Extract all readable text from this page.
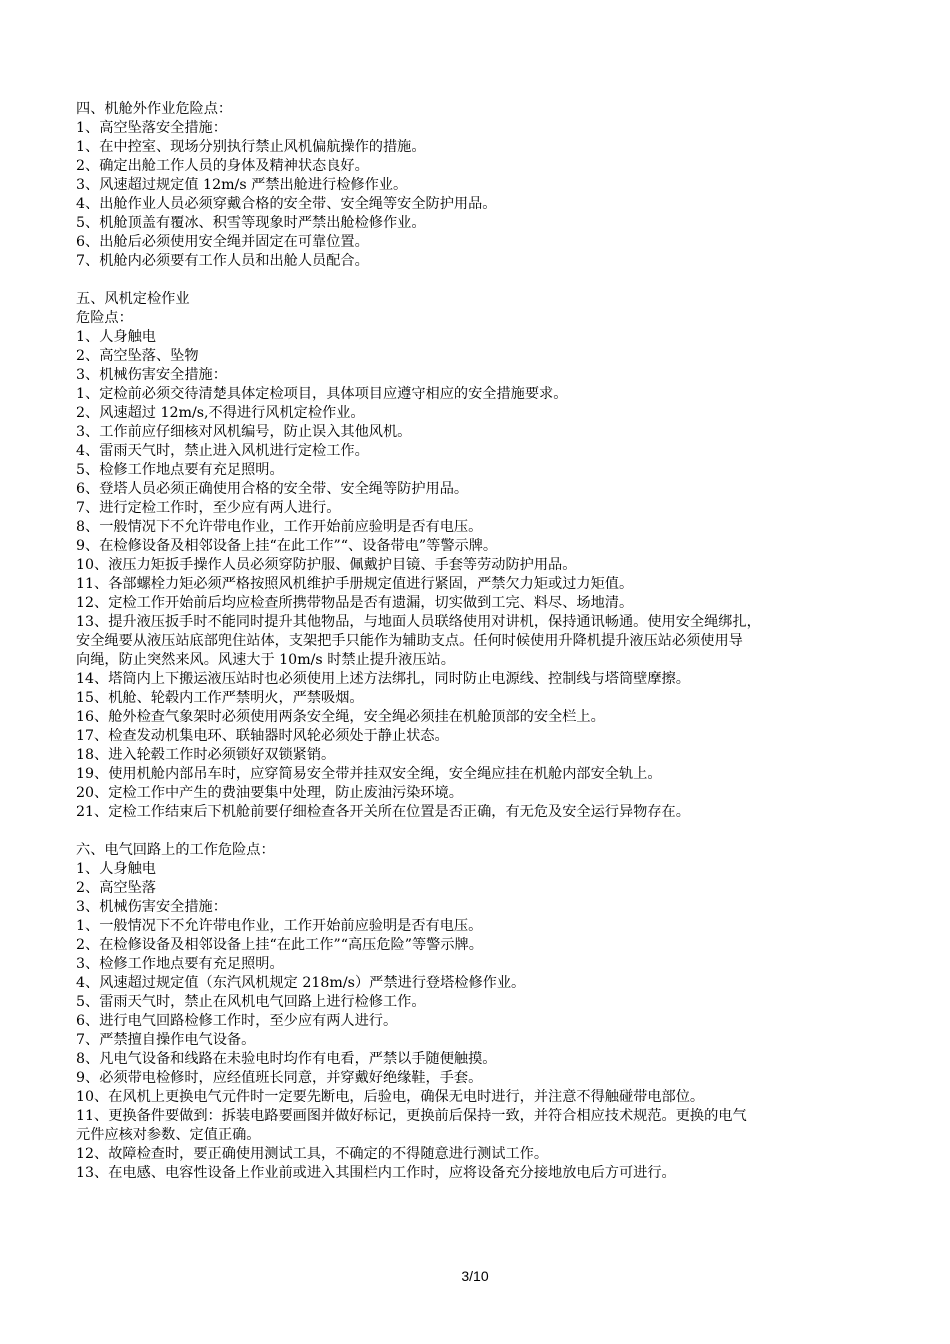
四、机舱外作业危险点：
1、高空坠落安全措施：
1、在中控室、现场分别执行禁止风机偏航操作的措施。
2、确定出舱工作人员的身体及精神状态良好。
3、风速超过规定值 12m/s 严禁出舱进行检修作业。
4、出舱作业人员必须穿戴合格的安全带、安全绳等安全防护用品。
5、机舱顶盖有覆冰、积雪等现象时严禁出舱检修作业。
6、出舱后必须使用安全绳并固定在可靠位置。
7、机舱内必须要有工作人员和出舱人员配合。
五、风机定检作业
危险点：
1、人身触电
2、高空坠落、坠物
3、机械伤害安全措施：
1、定检前必须交待清楚具体定检项目，具体项目应遵守相应的安全措施要求。
2、风速超过 12m/s,不得进行风机定检作业。
3、工作前应仔细核对风机编号，防止误入其他风机。
4、雷雨天气时，禁止进入风机进行定检工作。
5、检修工作地点要有充足照明。
6、登塔人员必须正确使用合格的安全带、安全绳等防护用品。
7、进行定检工作时，至少应有两人进行。
8、一般情况下不允许带电作业，工作开始前应验明是否有电压。
9、在检修设备及相邻设备上挂“在此工作”“、设备带电”等警示牌。
10、液压力矩扳手操作人员必须穿防护服、佩戴护目镜、手套等劳动防护用品。
11、各部螺栓力矩必须严格按照风机维护手册规定值进行紧固，严禁欠力矩或过力矩值。
12、定检工作开始前后均应检查所携带物品是否有遗漏，切实做到工完、料尽、场地清。
13、提升液压扳手时不能同时提升其他物品，与地面人员联络使用对讲机，保持通讯畅通。使用安全绳绑扎，
安全绳要从液压站底部兜住站体，支架把手只能作为辅助支点。任何时候使用升降机提升液压站必须使用导
向绳，防止突然来风。风速大于 10m/s 时禁止提升液压站。
14、塔筒内上下搬运液压站时也必须使用上述方法绑扎，同时防止电源线、控制线与塔筒壁摩擦。
15、机舱、轮毂内工作严禁明火，严禁吸烟。
16、舱外检查气象架时必须使用两条安全绳，安全绳必须挂在机舱顶部的安全栏上。
17、检查发动机集电环、联轴器时风轮必须处于静止状态。
18、进入轮毂工作时必须锁好双锁紧销。
19、使用机舱内部吊车时，应穿简易安全带并挂双安全绳，安全绳应挂在机舱内部安全轨上。
20、定检工作中产生的费油要集中处理，防止废油污染环境。
21、定检工作结束后下机舱前要仔细检查各开关所在位置是否正确，有无危及安全运行异物存在。
六、电气回路上的工作危险点：
1、人身触电
2、高空坠落
3、机械伤害安全措施：
1、一般情况下不允许带电作业，工作开始前应验明是否有电压。
2、在检修设备及相邻设备上挂“在此工作”“高压危险”等警示牌。
3、检修工作地点要有充足照明。
4、风速超过规定值（东汽风机规定 218m/s）严禁进行登塔检修作业。
5、雷雨天气时，禁止在风机电气回路上进行检修工作。
6、进行电气回路检修工作时，至少应有两人进行。
7、严禁擅自操作电气设备。
8、凡电气设备和线路在未验电时均作有电看，严禁以手随便触摸。
9、必须带电检修时，应经值班长同意，并穿戴好绝缘鞋，手套。
10、在风机上更换电气元件时一定要先断电，后验电，确保无电时进行，并注意不得触碰带电部位。
11、更换备件要做到：拆装电路要画图并做好标记，更换前后保持一致，并符合相应技术规范。更换的电气
元件应核对参数、定值正确。
12、故障检查时，要正确使用测试工具，不确定的不得随意进行测试工作。
13、在电感、电容性设备上作业前或进入其围栏内工作时，应将设备充分接地放电后方可进行。
3/10
